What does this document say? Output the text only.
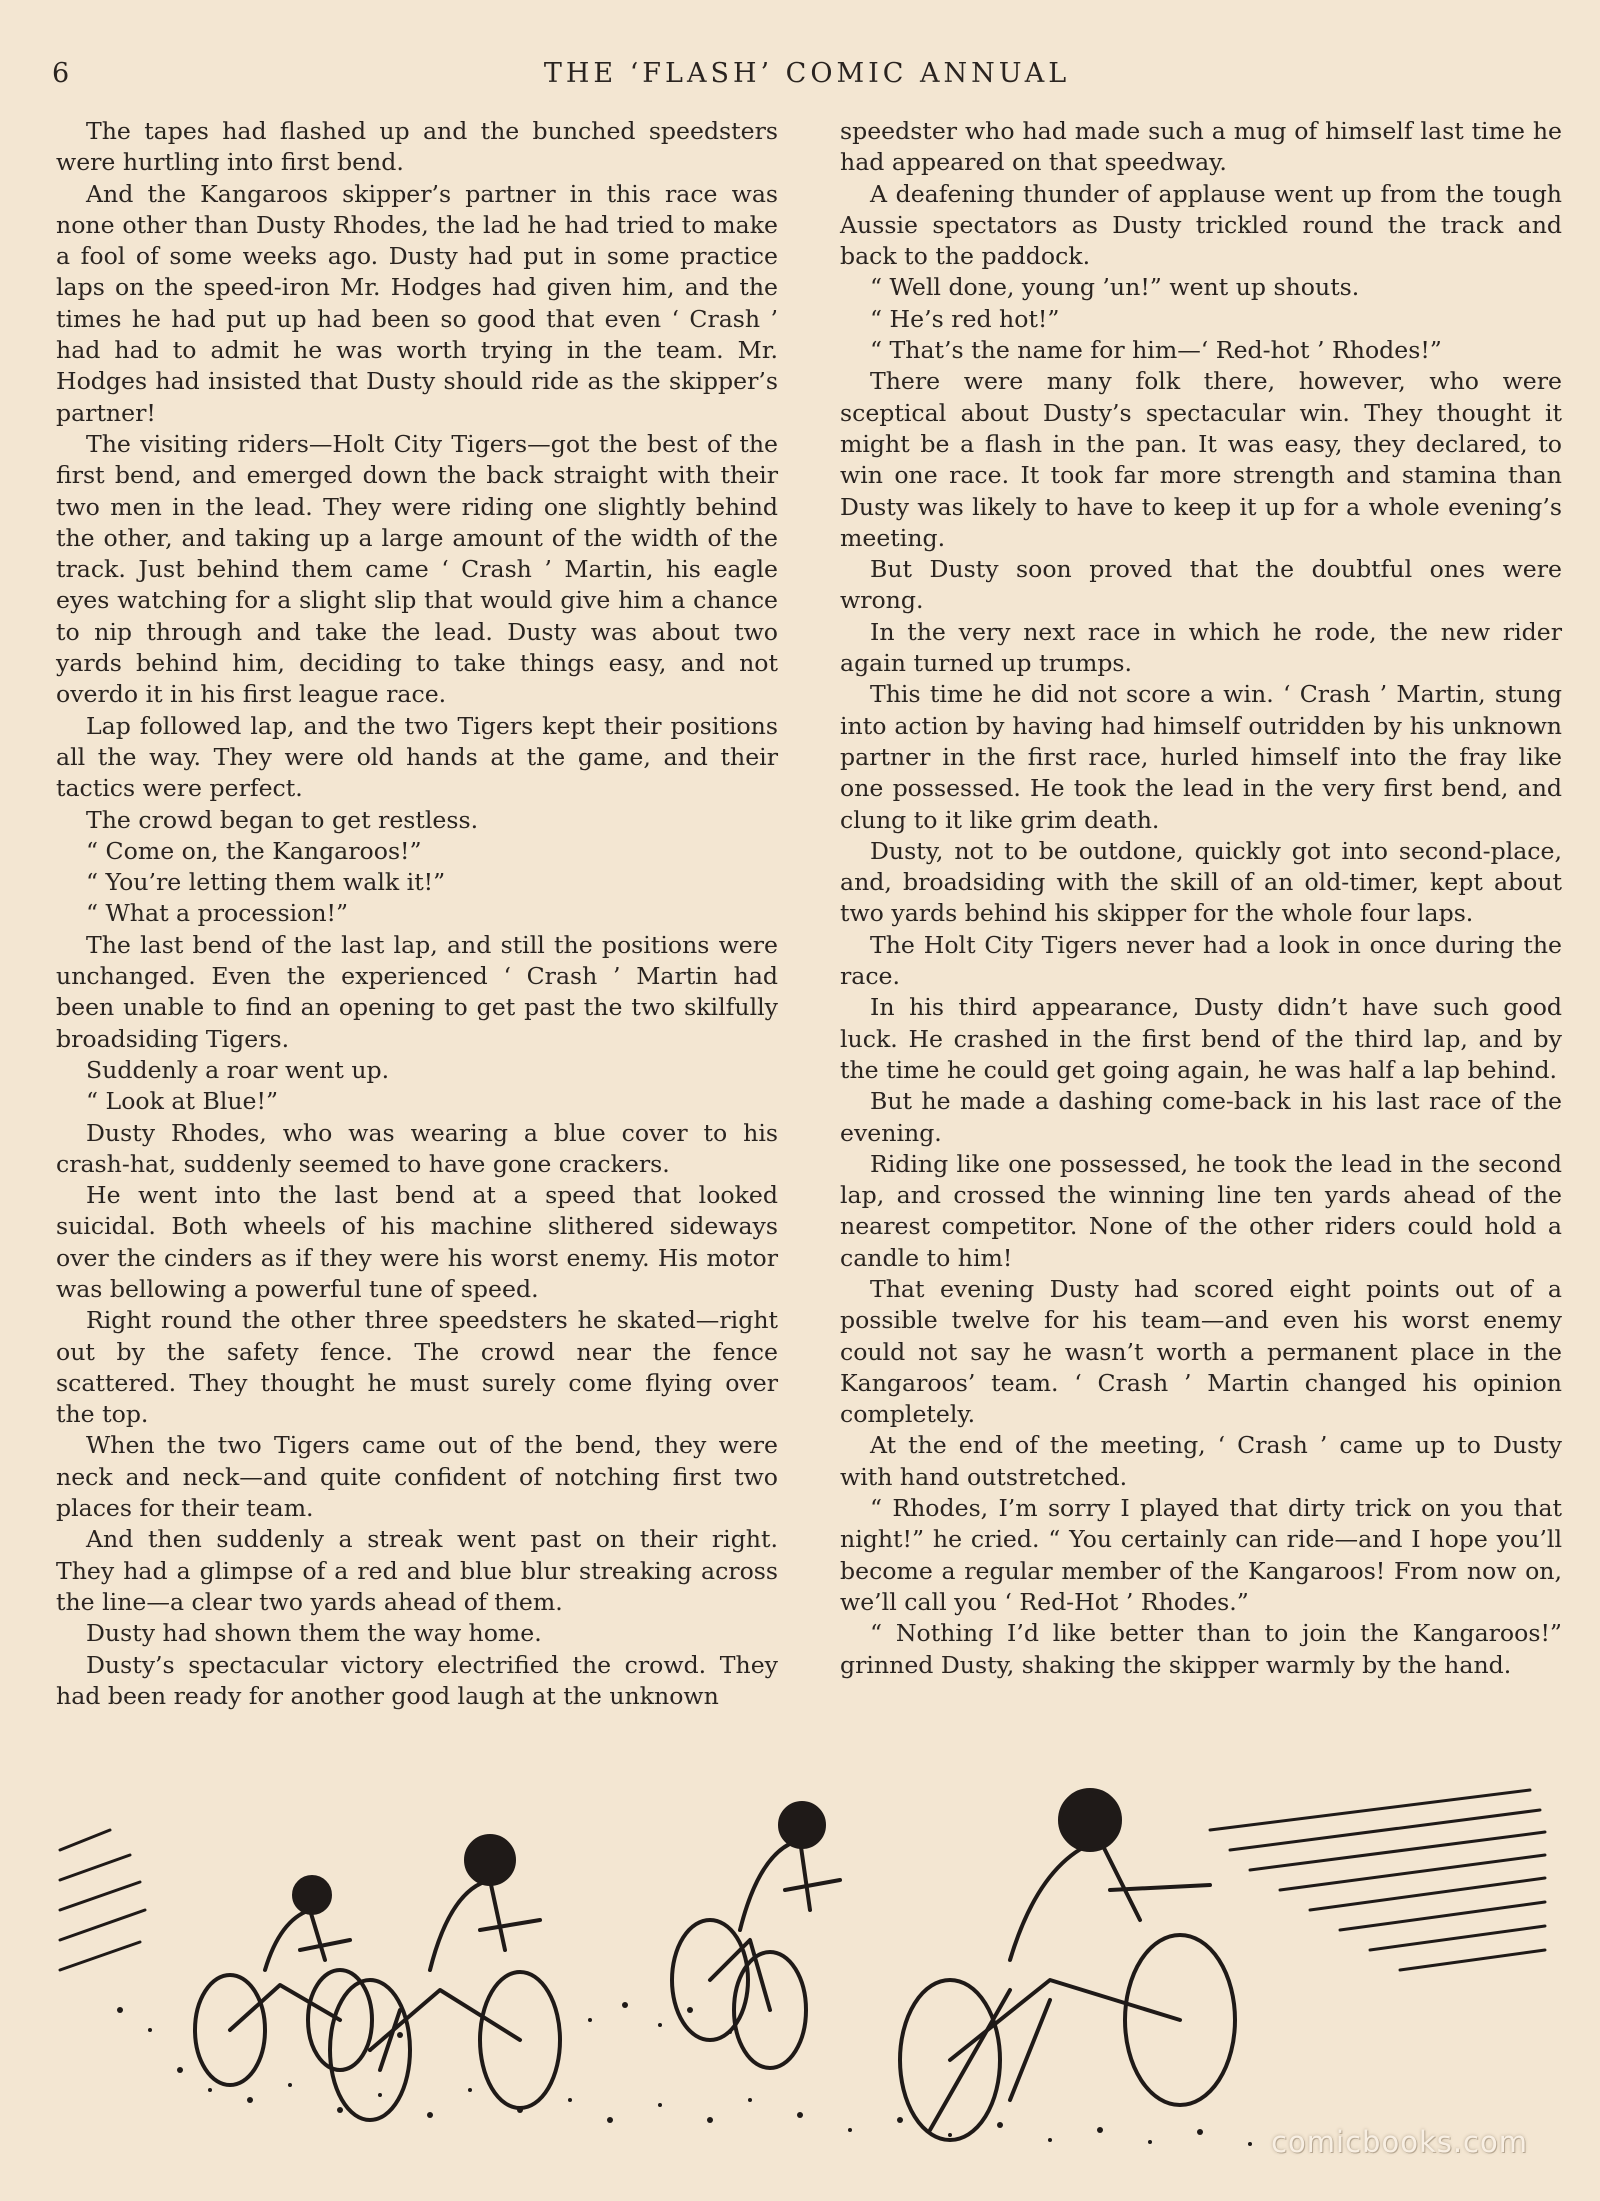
6	THE ‘FLASH’ COMIC ANNUAL

The tapes had flashed up and the bunched speedsters were hurtling into first bend.

And the Kangaroos skipper’s partner in this race was none other than Dusty Rhodes, the lad he had tried to make a fool of some weeks ago. Dusty had put in some practice laps on the speed-iron Mr. Hodges had given him, and the times he had put up had been so good that even ‘ Crash ’ had had to admit he was worth trying in the team. Mr. Hodges had insisted that Dusty should ride as the skipper’s partner!

The visiting riders—Holt City Tigers—got the best of the first bend, and emerged down the back straight with their two men in the lead. They were riding one slightly behind the other, and taking up a large amount of the width of the track. Just behind them came ‘ Crash ’ Martin, his eagle eyes watching for a slight slip that would give him a chance to nip through and take the lead. Dusty was about two yards behind him, deciding to take things easy, and not overdo it in his first league race.

Lap followed lap, and the two Tigers kept their positions all the way. They were old hands at the game, and their tactics were perfect.

The crowd began to get restless.

“ Come on, the Kangaroos!”

“ You’re letting them walk it!”

“ What a procession!”

The last bend of the last lap, and still the positions were unchanged. Even the experienced ‘ Crash ’ Martin had been unable to find an opening to get past the two skilfully broadsiding Tigers.

Suddenly a roar went up.

“ Look at Blue!”

Dusty Rhodes, who was wearing a blue cover to his crash-hat, suddenly seemed to have gone crackers.

He went into the last bend at a speed that looked suicidal. Both wheels of his machine slithered sideways over the cinders as if they were his worst enemy. His motor was bellowing a powerful tune of speed.

Right round the other three speedsters he skated—right out by the safety fence. The crowd near the fence scattered. They thought he must surely come flying over the top.

When the two Tigers came out of the bend, they were neck and neck—and quite confident of notching first two places for their team.

And then suddenly a streak went past on their right. They had a glimpse of a red and blue blur streaking across the line—a clear two yards ahead of them.

Dusty had shown them the way home.

Dusty’s spectacular victory electrified the crowd. They had been ready for another good laugh at the unknown

speedster who had made such a mug of himself last time he had appeared on that speedway.

A deafening thunder of applause went up from the tough Aussie spectators as Dusty trickled round the track and back to the paddock.

“ Well done, young ’un!” went up shouts.

“ He’s red hot!”

“ That’s the name for him—‘ Red-hot ’ Rhodes!”

There were many folk there, however, who were sceptical about Dusty’s spectacular win. They thought it might be a flash in the pan. It was easy, they declared, to win one race. It took far more strength and stamina than Dusty was likely to have to keep it up for a whole evening’s meeting.

But Dusty soon proved that the doubtful ones were wrong.

In the very next race in which he rode, the new rider again turned up trumps.

This time he did not score a win. ‘ Crash ’ Martin, stung into action by having had himself outridden by his unknown partner in the first race, hurled himself into the fray like one possessed. He took the lead in the very first bend, and clung to it like grim death.

Dusty, not to be outdone, quickly got into second-place, and, broadsiding with the skill of an old-timer, kept about two yards behind his skipper for the whole four laps.

The Holt City Tigers never had a look in once during the race.

In his third appearance, Dusty didn’t have such good luck. He crashed in the first bend of the third lap, and by the time he could get going again, he was half a lap behind.

But he made a dashing come-back in his last race of the evening.

Riding like one possessed, he took the lead in the second lap, and crossed the winning line ten yards ahead of the nearest competitor. None of the other riders could hold a candle to him!

That evening Dusty had scored eight points out of a possible twelve for his team—and even his worst enemy could not say he wasn’t worth a permanent place in the Kangaroos’ team. ‘ Crash ’ Martin changed his opinion completely.

At the end of the meeting, ‘ Crash ’ came up to Dusty with hand outstretched.

“ Rhodes, I’m sorry I played that dirty trick on you that night!” he cried. “ You certainly can ride—and I hope you’ll become a regular member of the Kangaroos! From now on, we’ll call you ‘ Red-Hot ’ Rhodes.”

“ Nothing I’d like better than to join the Kangaroos!” grinned Dusty, shaking the skipper warmly by the hand.

comicbooks.com
